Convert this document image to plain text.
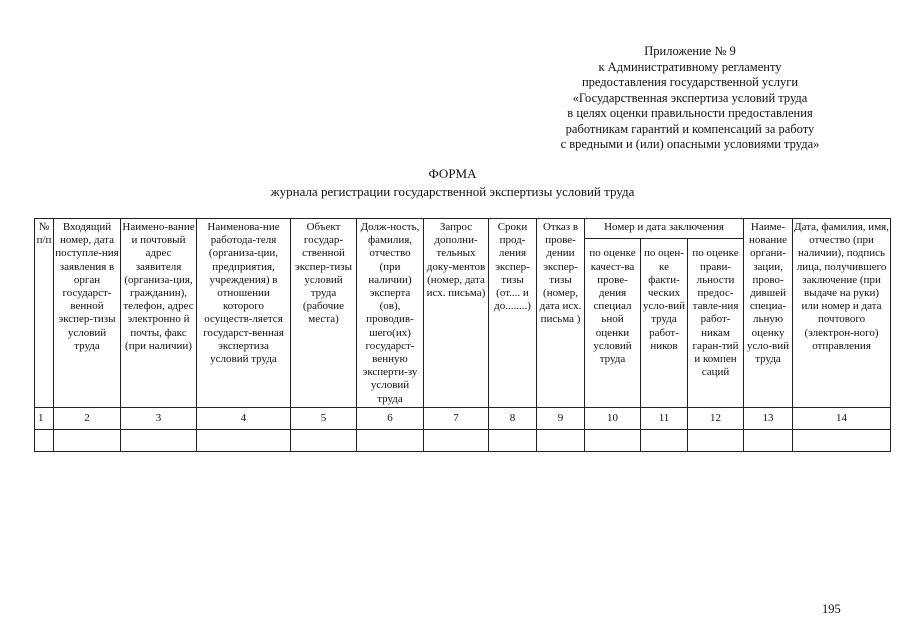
Приложение № 9
к Административному регламенту
предоставления государственной услуги
«Государственная экспертиза условий труда
в целях оценки правильности предоставления
работникам гарантий и компенсаций за работу
с вредными и (или) опасными условиями труда»
ФОРМА
журнала регистрации государственной экспертизы условий труда
№ п/п	Входящий номер, дата поступле-ния заявления в орган государст-венной экспер-тизы условий труда	Наимено-вание и почтовый адрес заявителя (организа-ция, гражданин), телефон, адрес электронно й почты, факс (при наличии)	Наименова-ние работода-теля (организа-ции, предприятия, учреждения) в отношении которого осуществ-ляется государст-венная экспертиза условий труда	Объект государ-ственной экспер-тизы условий труда (рабочие места)	Долж-ность, фамилия, отчество (при наличии) эксперта (ов), проводив-шего(их) государст-венную эксперти-зу условий труда	Запрос дополни-тельных доку-ментов (номер, дата исх. письма)	Сроки прод-ления экспер-тизы (от.... и до........)	Отказ в прове-дении экспер-тизы (номер, дата исх. письма )	Номер и дата заключения			Наиме-нование органи-зации, прово-дившей специа-льную оценку усло-вий труда	Дата, фамилия, имя, отчество (при наличии), подпись лица, получившего заключение (при выдаче на руки) или номер и дата почтового (электрон-ного) отправления
									по оценке качест-ва прове-дения специал ьной оценки условий труда	по оцен-ке факти-ческих усло-вий труда работ-ников	по оценке прави-льности предос-тавле-ния работ-никам гаран-тий и компен саций		
1	2	3	4	5	6	7	8	9	10	11	12	13	14

195
